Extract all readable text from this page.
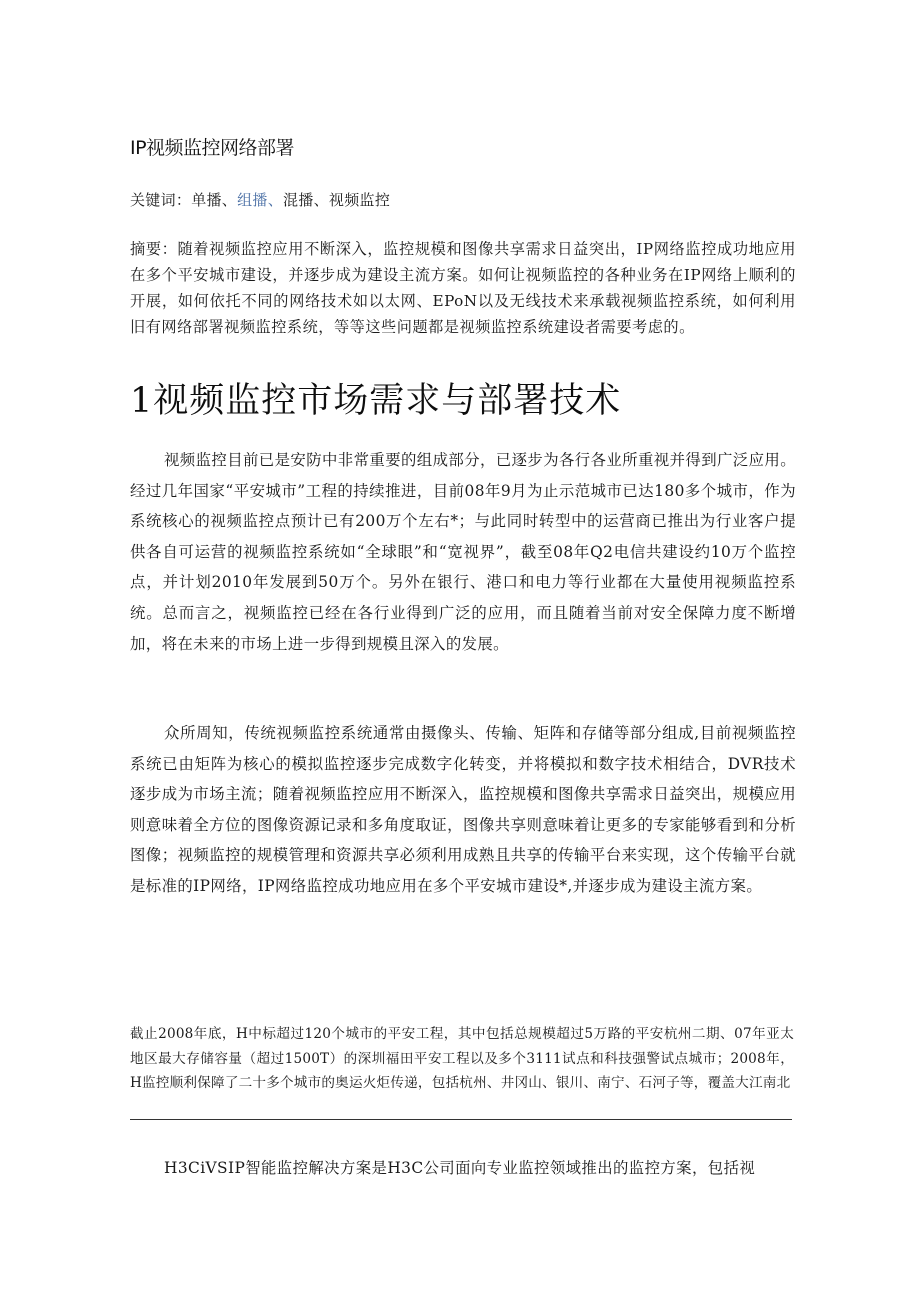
IP视频监控网络部署
关键词：单播、组播、混播、视频监控
摘要：随着视频监控应用不断深入，监控规模和图像共享需求日益突出，IP网络监控成功地应用在多个平安城市建设，并逐步成为建设主流方案。如何让视频监控的各种业务在IP网络上顺利的开展，如何依托不同的网络技术如以太网、EPoN以及无线技术来承载视频监控系统，如何利用旧有网络部署视频监控系统，等等这些问题都是视频监控系统建设者需要考虑的。
1视频监控市场需求与部署技术
视频监控目前已是安防中非常重要的组成部分，已逐步为各行各业所重视并得到广泛应用。经过几年国家“平安城市”工程的持续推进，目前08年9月为止示范城市已达180多个城市，作为系统核心的视频监控点预计已有200万个左右*；与此同时转型中的运营商已推出为行业客户提供各自可运营的视频监控系统如“全球眼”和“宽视界”，截至08年Q2电信共建设约10万个监控点，并计划2010年发展到50万个。另外在银行、港口和电力等行业都在大量使用视频监控系统。总而言之，视频监控已经在各行业得到广泛的应用，而且随着当前对安全保障力度不断增加，将在未来的市场上进一步得到规模且深入的发展。
众所周知，传统视频监控系统通常由摄像头、传输、矩阵和存储等部分组成,目前视频监控系统已由矩阵为核心的模拟监控逐步完成数字化转变，并将模拟和数字技术相结合，DVR技术逐步成为市场主流；随着视频监控应用不断深入，监控规模和图像共享需求日益突出，规模应用则意味着全方位的图像资源记录和多角度取证，图像共享则意味着让更多的专家能够看到和分析图像；视频监控的规模管理和资源共享必须利用成熟且共享的传输平台来实现，这个传输平台就是标准的IP网络，IP网络监控成功地应用在多个平安城市建设*,并逐步成为建设主流方案。
截止2008年底，H中标超过120个城市的平安工程，其中包括总规模超过5万路的平安杭州二期、07年亚太地区最大存储容量（超过1500T）的深圳福田平安工程以及多个3111试点和科技强警试点城市；2008年，H监控顺利保障了二十多个城市的奥运火炬传递，包括杭州、井冈山、银川、南宁、石河子等，覆盖大江南北
H3CiVSIP智能监控解决方案是H3C公司面向专业监控领域推出的监控方案，包括视
